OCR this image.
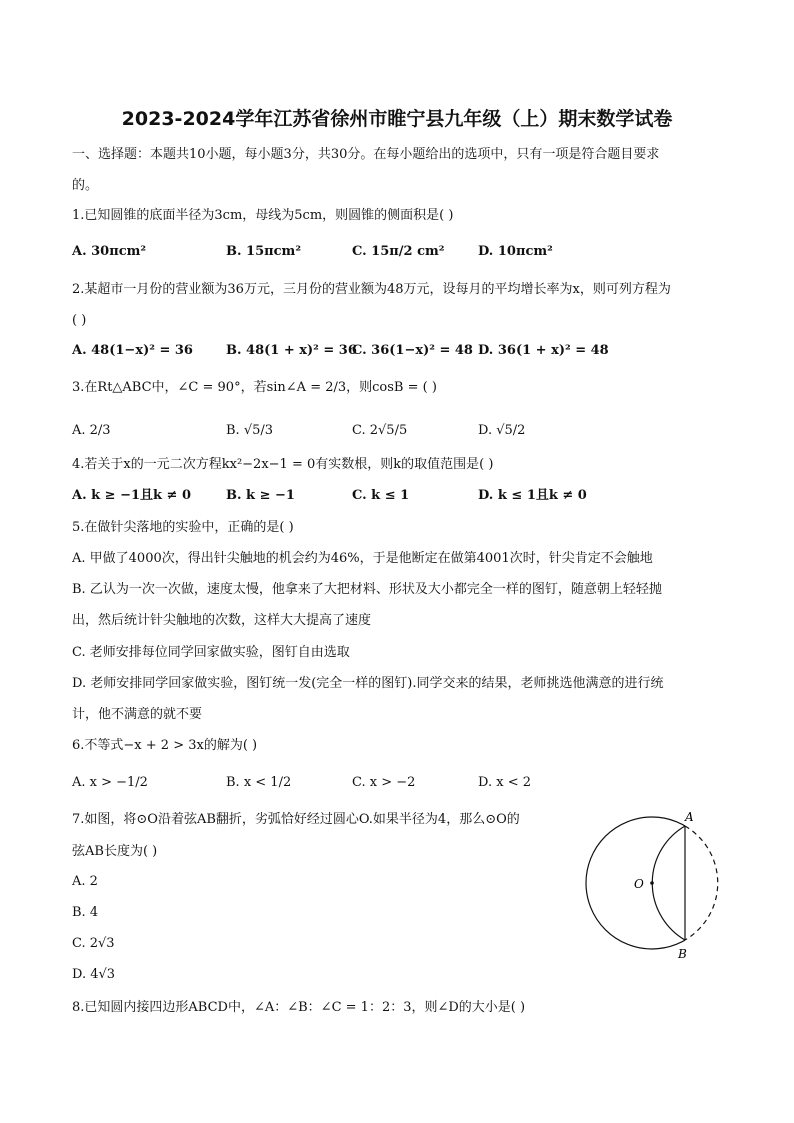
2023-2024学年江苏省徐州市睢宁县九年级（上）期末数学试卷
一、选择题：本题共10小题，每小题3分，共30分。在每小题给出的选项中，只有一项是符合题目要求
的。
1.已知圆锥的底面半径为3cm，母线为5cm，则圆锥的侧面积是( )
A. 30πcm²	B. 15πcm²	C. 15π/2 cm²	D. 10πcm²
2.某超市一月份的营业额为36万元，三月份的营业额为48万元，设每月的平均增长率为x，则可列方程为
( )
A. 48(1−x)² = 36	B. 48(1 + x)² = 36
C. 36(1−x)² = 48 D. 36(1 + x)² = 48
3.在Rt△ABC中，∠C = 90°，若sin∠A = 2/3，则cosB = ( )
A. 2/3	B. √5/3	C. 2√5/5	D. √5/2
4.若关于x的一元二次方程kx²−2x−1 = 0有实数根，则k的取值范围是( )
A. k ≥ −1且k ≠ 0	B. k ≥ −1	C. k ≤ 1	D. k ≤ 1且k ≠ 0
5.在做针尖落地的实验中，正确的是( )
A. 甲做了4000次，得出针尖触地的机会约为46%，于是他断定在做第4001次时，针尖肯定不会触地
B. 乙认为一次一次做，速度太慢，他拿来了大把材料、形状及大小都完全一样的图钉，随意朝上轻轻抛
出，然后统计针尖触地的次数，这样大大提高了速度
C. 老师安排每位同学回家做实验，图钉自由选取
D. 老师安排同学回家做实验，图钉统一发(完全一样的图钉).同学交来的结果，老师挑选他满意的进行统
计，他不满意的就不要
6.不等式−x + 2 > 3x的解为( )
A. x > −1/2	B. x < 1/2	C. x > −2	D. x < 2
7.如图，将⊙O沿着弦AB翻折，劣弧恰好经过圆心O.如果半径为4，那么⊙O的
弦AB长度为( )
A. 2
B. 4
C. 2√3
D. 4√3
A
B
O
8.已知圆内接四边形ABCD中，∠A：∠B：∠C = 1：2：3，则∠D的大小是( )
